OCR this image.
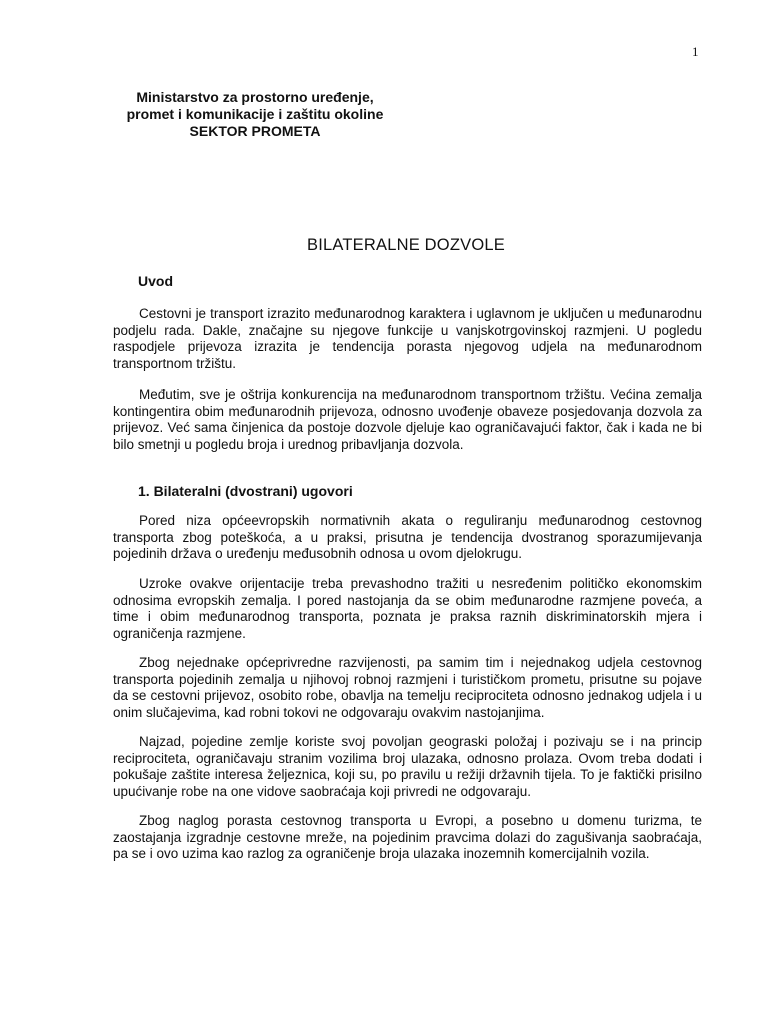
1
Ministarstvo za prostorno uređenje,
promet i komunikacije i zaštitu okoline
SEKTOR PROMETA
BILATERALNE DOZVOLE
Uvod
Cestovni je transport izrazito međunarodnog karaktera i uglavnom je uključen u međunarodnu podjelu rada. Dakle, značajne su njegove funkcije u vanjskotrgovinskoj razmjeni. U pogledu raspodjele prijevoza izrazita je tendencija porasta njegovog udjela na međunarodnom transportnom tržištu.
Međutim, sve je oštrija konkurencija na međunarodnom transportnom tržištu. Većina zemalja kontingentira obim međunarodnih prijevoza, odnosno uvođenje obaveze posjedovanja dozvola za prijevoz. Već sama činjenica da postoje dozvole djeluje kao ograničavajući faktor, čak i kada ne bi bilo smetnji u pogledu broja i urednog pribavljanja dozvola.
1. Bilateralni (dvostrani) ugovori
Pored niza općeevropskih normativnih akata o reguliranju međunarodnog cestovnog transporta zbog poteškoća, a u praksi, prisutna je tendencija dvostranog sporazumijevanja pojedinih država o uređenju međusobnih odnosa u ovom djelokrugu.
Uzroke ovakve orijentacije treba prevashodno tražiti u nesređenim političko ekonomskim odnosima evropskih zemalja. I pored nastojanja da se obim međunarodne razmjene poveća, a time i obim međunarodnog transporta, poznata je praksa raznih diskriminatorskih mjera i ograničenja razmjene.
Zbog nejednake općeprivredne razvijenosti, pa samim tim i nejednakog udjela cestovnog transporta pojedinih zemalja u njihovoj robnoj razmjeni i turističkom prometu, prisutne su pojave da se cestovni prijevoz, osobito robe, obavlja na temelju reciprociteta odnosno jednakog udjela i u onim slučajevima, kad robni tokovi ne odgovaraju ovakvim nastojanjima.
Najzad, pojedine zemlje koriste svoj povoljan geograski položaj i pozivaju se i na princip reciprociteta, ograničavaju stranim vozilima broj ulazaka, odnosno prolaza. Ovom treba dodati i pokušaje zaštite interesa željeznica, koji su, po pravilu u režiji državnih tijela. To je faktički prisilno upućivanje robe na one vidove saobraćaja koji privredi ne odgovaraju.
Zbog naglog porasta cestovnog transporta u Evropi, a posebno u domenu turizma, te zaostajanja izgradnje cestovne mreže, na pojedinim pravcima dolazi do zagušivanja saobraćaja, pa se i ovo uzima kao razlog za ograničenje broja ulazaka inozemnih komercijalnih vozila.
